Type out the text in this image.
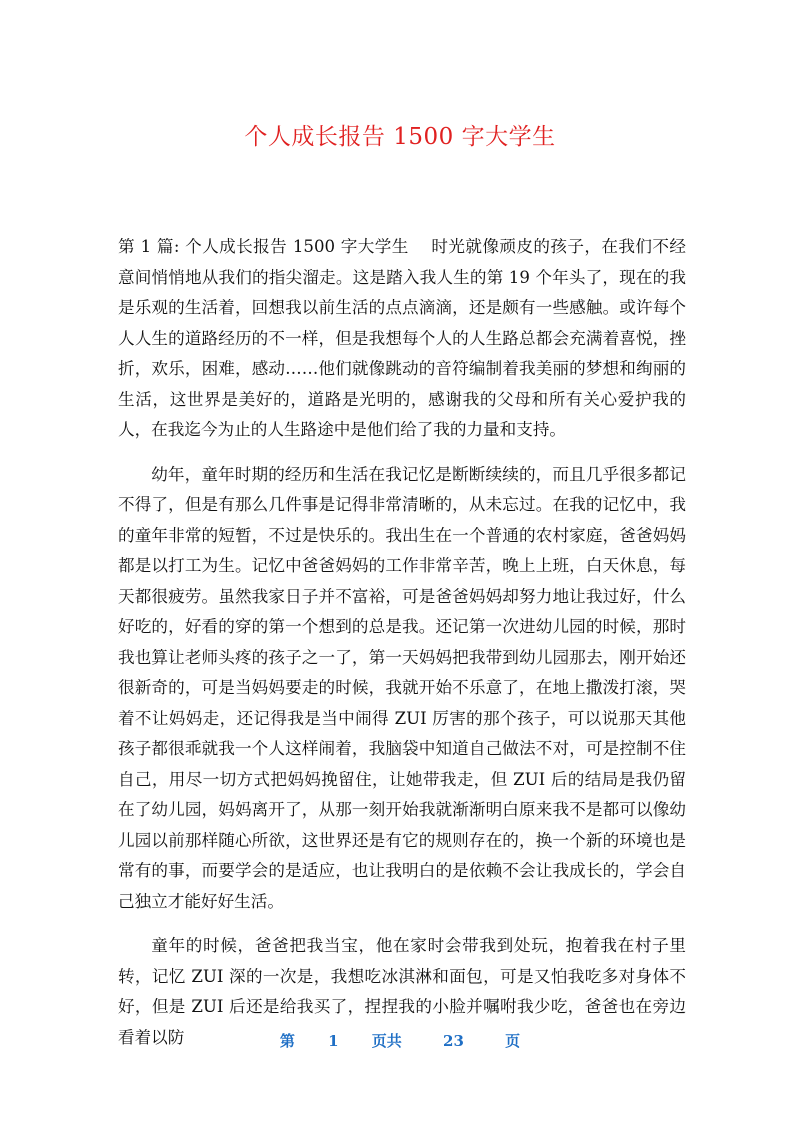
个人成长报告 1500 字大学生

第 1 篇: 个人成长报告 1500 字大学生　 时光就像顽皮的孩子，在我们不经意间悄悄地从我们的指尖溜走。这是踏入我人生的第 19 个年头了，现在的我是乐观的生活着，回想我以前生活的点点滴滴，还是颇有一些感触。或许每个人人生的道路经历的不一样，但是我想每个人的人生路总都会充满着喜悦，挫折，欢乐，困难，感动……他们就像跳动的音符编制着我美丽的梦想和绚丽的生活，这世界是美好的，道路是光明的，感谢我的父母和所有关心爱护我的人，在我迄今为止的人生路途中是他们给了我的力量和支持。

幼年，童年时期的经历和生活在我记忆是断断续续的，而且几乎很多都记不得了，但是有那么几件事是记得非常清晰的，从未忘过。在我的记忆中，我的童年非常的短暂，不过是快乐的。我出生在一个普通的农村家庭，爸爸妈妈都是以打工为生。记忆中爸爸妈妈的工作非常辛苦，晚上上班，白天休息，每天都很疲劳。虽然我家日子并不富裕，可是爸爸妈妈却努力地让我过好，什么好吃的，好看的穿的第一个想到的总是我。还记第一次进幼儿园的时候，那时我也算让老师头疼的孩子之一了，第一天妈妈把我带到幼儿园那去，刚开始还很新奇的，可是当妈妈要走的时候，我就开始不乐意了，在地上撒泼打滚，哭着不让妈妈走，还记得我是当中闹得 ZUI 厉害的那个孩子，可以说那天其他孩子都很乖就我一个人这样闹着，我脑袋中知道自己做法不对，可是控制不住自己，用尽一切方式把妈妈挽留住，让她带我走，但 ZUI 后的结局是我仍留在了幼儿园，妈妈离开了，从那一刻开始我就渐渐明白原来我不是都可以像幼儿园以前那样随心所欲，这世界还是有它的规则存在的，换一个新的环境也是常有的事，而要学会的是适应，也让我明白的是依赖不会让我成长的，学会自己独立才能好好生活。

童年的时候，爸爸把我当宝，他在家时会带我到处玩，抱着我在村子里转，记忆 ZUI 深的一次是，我想吃冰淇淋和面包，可是又怕我吃多对身体不好，但是 ZUI 后还是给我买了，捏捏我的小脸并嘱咐我少吃，爸爸也在旁边看着以防	第 1 页共	23	页
